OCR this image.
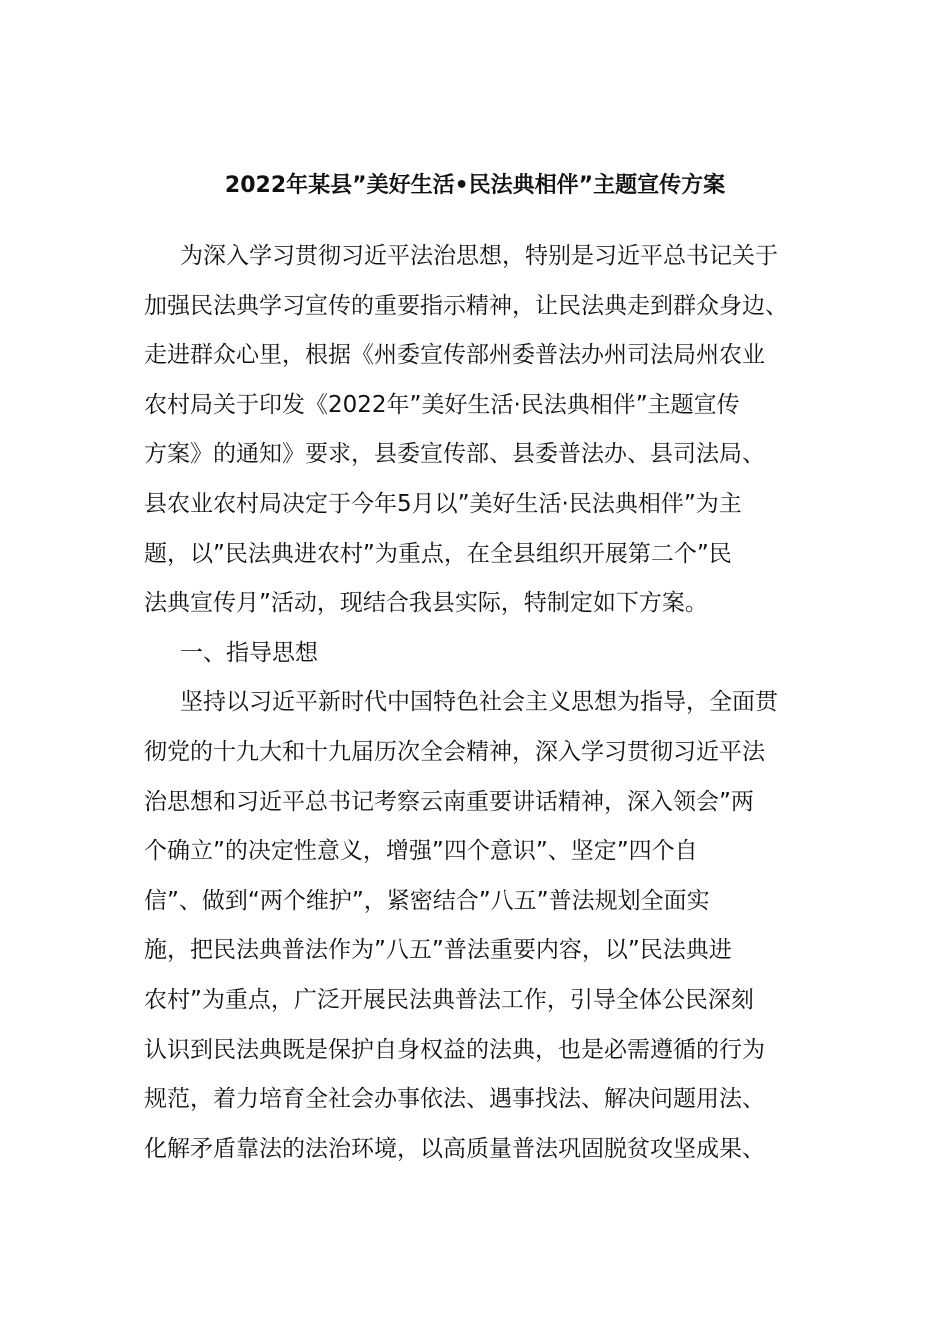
2022年某县”美好生活•民法典相伴”主题宣传方案
为深入学习贯彻习近平法治思想，特别是习近平总书记关于
加强民法典学习宣传的重要指示精神，让民法典走到群众身边、
走进群众心里，根据《州委宣传部州委普法办州司法局州农业
农村局关于印发《2022年”美好生活·民法典相伴”主题宣传
方案》的通知》要求，县委宣传部、县委普法办、县司法局、
县农业农村局决定于今年5月以”美好生活·民法典相伴”为主
题，以”民法典进农村”为重点，在全县组织开展第二个”民
法典宣传月”活动，现结合我县实际，特制定如下方案。
一、指导思想
坚持以习近平新时代中国特色社会主义思想为指导，全面贯
彻党的十九大和十九届历次全会精神，深入学习贯彻习近平法
治思想和习近平总书记考察云南重要讲话精神，深入领会”两
个确立”的决定性意义，增强”四个意识”、坚定”四个自
信”、做到“两个维护”，紧密结合”八五”普法规划全面实
施，把民法典普法作为”八五”普法重要内容，以”民法典进
农村”为重点，广泛开展民法典普法工作，引导全体公民深刻
认识到民法典既是保护自身权益的法典，也是必需遵循的行为
规范，着力培育全社会办事依法、遇事找法、解决问题用法、
化解矛盾靠法的法治环境，以高质量普法巩固脱贫攻坚成果、
